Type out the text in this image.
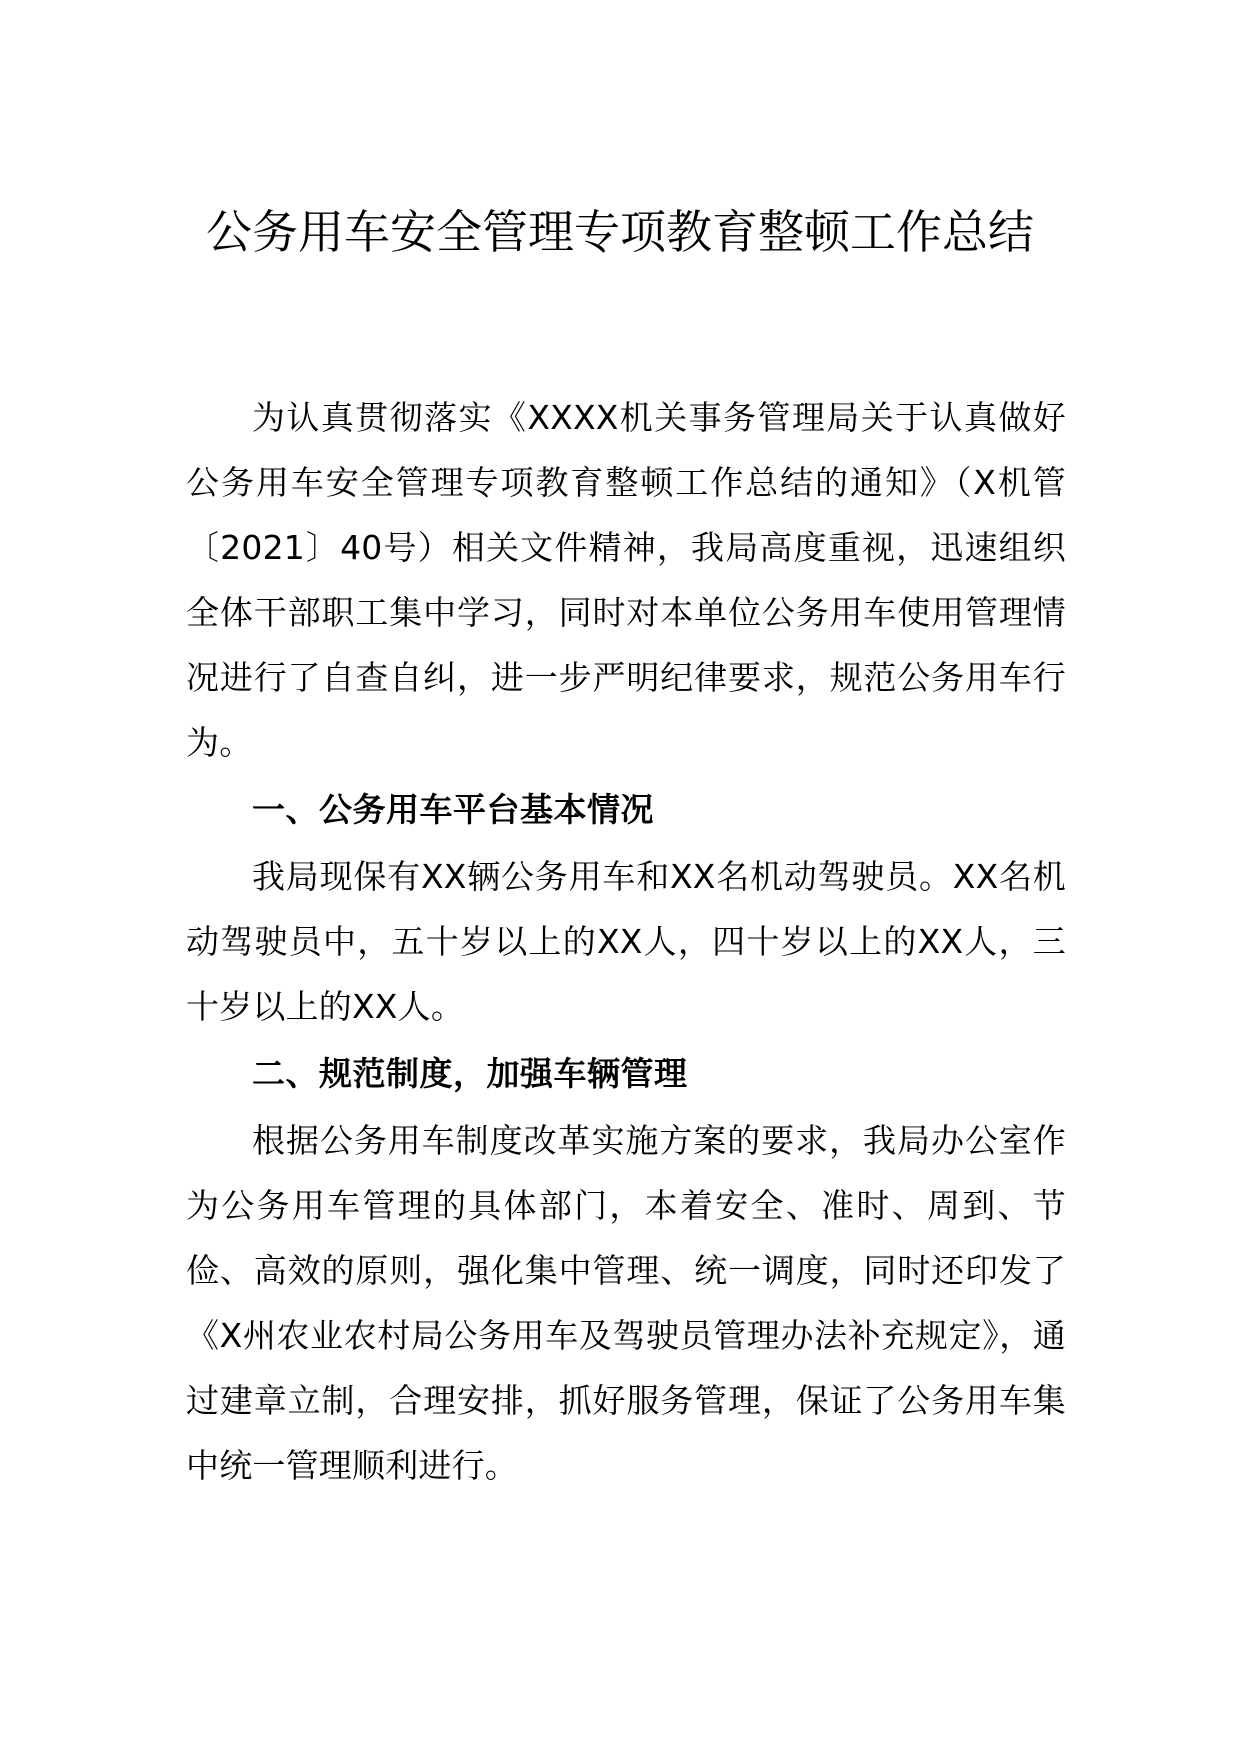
公务用车安全管理专项教育整顿工作总结

为认真贯彻落实《XXXX机关事务管理局关于认真做好公务用车安全管理专项教育整顿工作总结的通知》（X机管〔2021〕40号）相关文件精神，我局高度重视，迅速组织全体干部职工集中学习，同时对本单位公务用车使用管理情况进行了自查自纠，进一步严明纪律要求，规范公务用车行为。

一、公务用车平台基本情况

我局现保有XX辆公务用车和XX名机动驾驶员。XX名机动驾驶员中，五十岁以上的XX人，四十岁以上的XX人，三十岁以上的XX人。

二、规范制度，加强车辆管理

根据公务用车制度改革实施方案的要求，我局办公室作为公务用车管理的具体部门，本着安全、准时、周到、节俭、高效的原则，强化集中管理、统一调度，同时还印发了《X州农业农村局公务用车及驾驶员管理办法补充规定》，通过建章立制，合理安排，抓好服务管理，保证了公务用车集中统一管理顺利进行。
